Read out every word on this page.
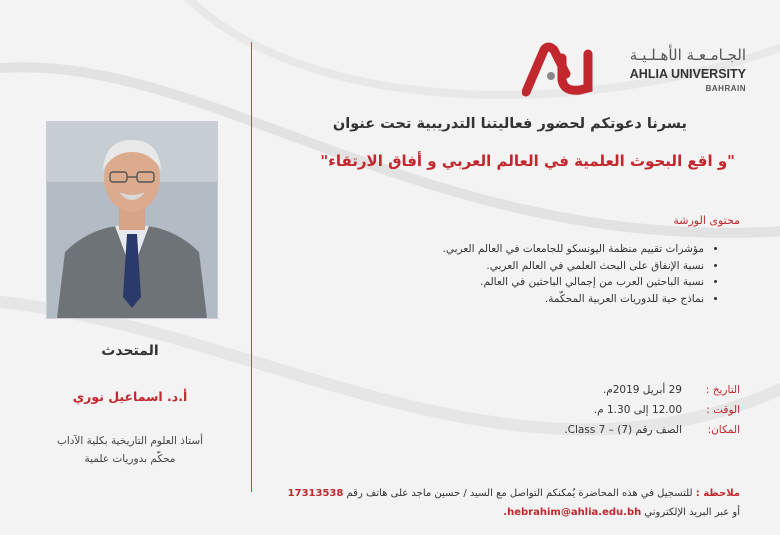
الجـامـعـة الأهـلـيـة
AHLIA UNIVERSITY
BAHRAIN
يسرنا دعوتكم لحضور فعاليتنا التدريبية تحت عنوان
"و اقع البحوث العلمية في العالم العربي و أفاق الارتقاء"
محتوى الورشة
• مؤشرات تقييم منظمة اليونسكو للجامعات في العالم العربي.
• نسبة الإنفاق على البحث العلمي في العالم العربي.
• نسبة الباحثين العرب من إجمالي الباحثين في العالم.
• نماذج حية للدوريات العربية المحكّمة.
التاريخ :
29 أبريل 2019م.
الوقت :
12.00 إلى 1.30 م.
المكان:
الصف رقم (7) – Class 7.
ملاحظة : للتسجيل في هذه المحاضرة يُمكنكم التواصل مع السيد / حسين ماجد على هاتف رقم 17313538 أو عبر البريد الإلكتروني hebrahim@ahlia.edu.bh.
المتحدث
أ.د. اسماعيل نوري
أستاذ العلوم التاريخية بكلية الآداب
محكّم بدوريات علمية
